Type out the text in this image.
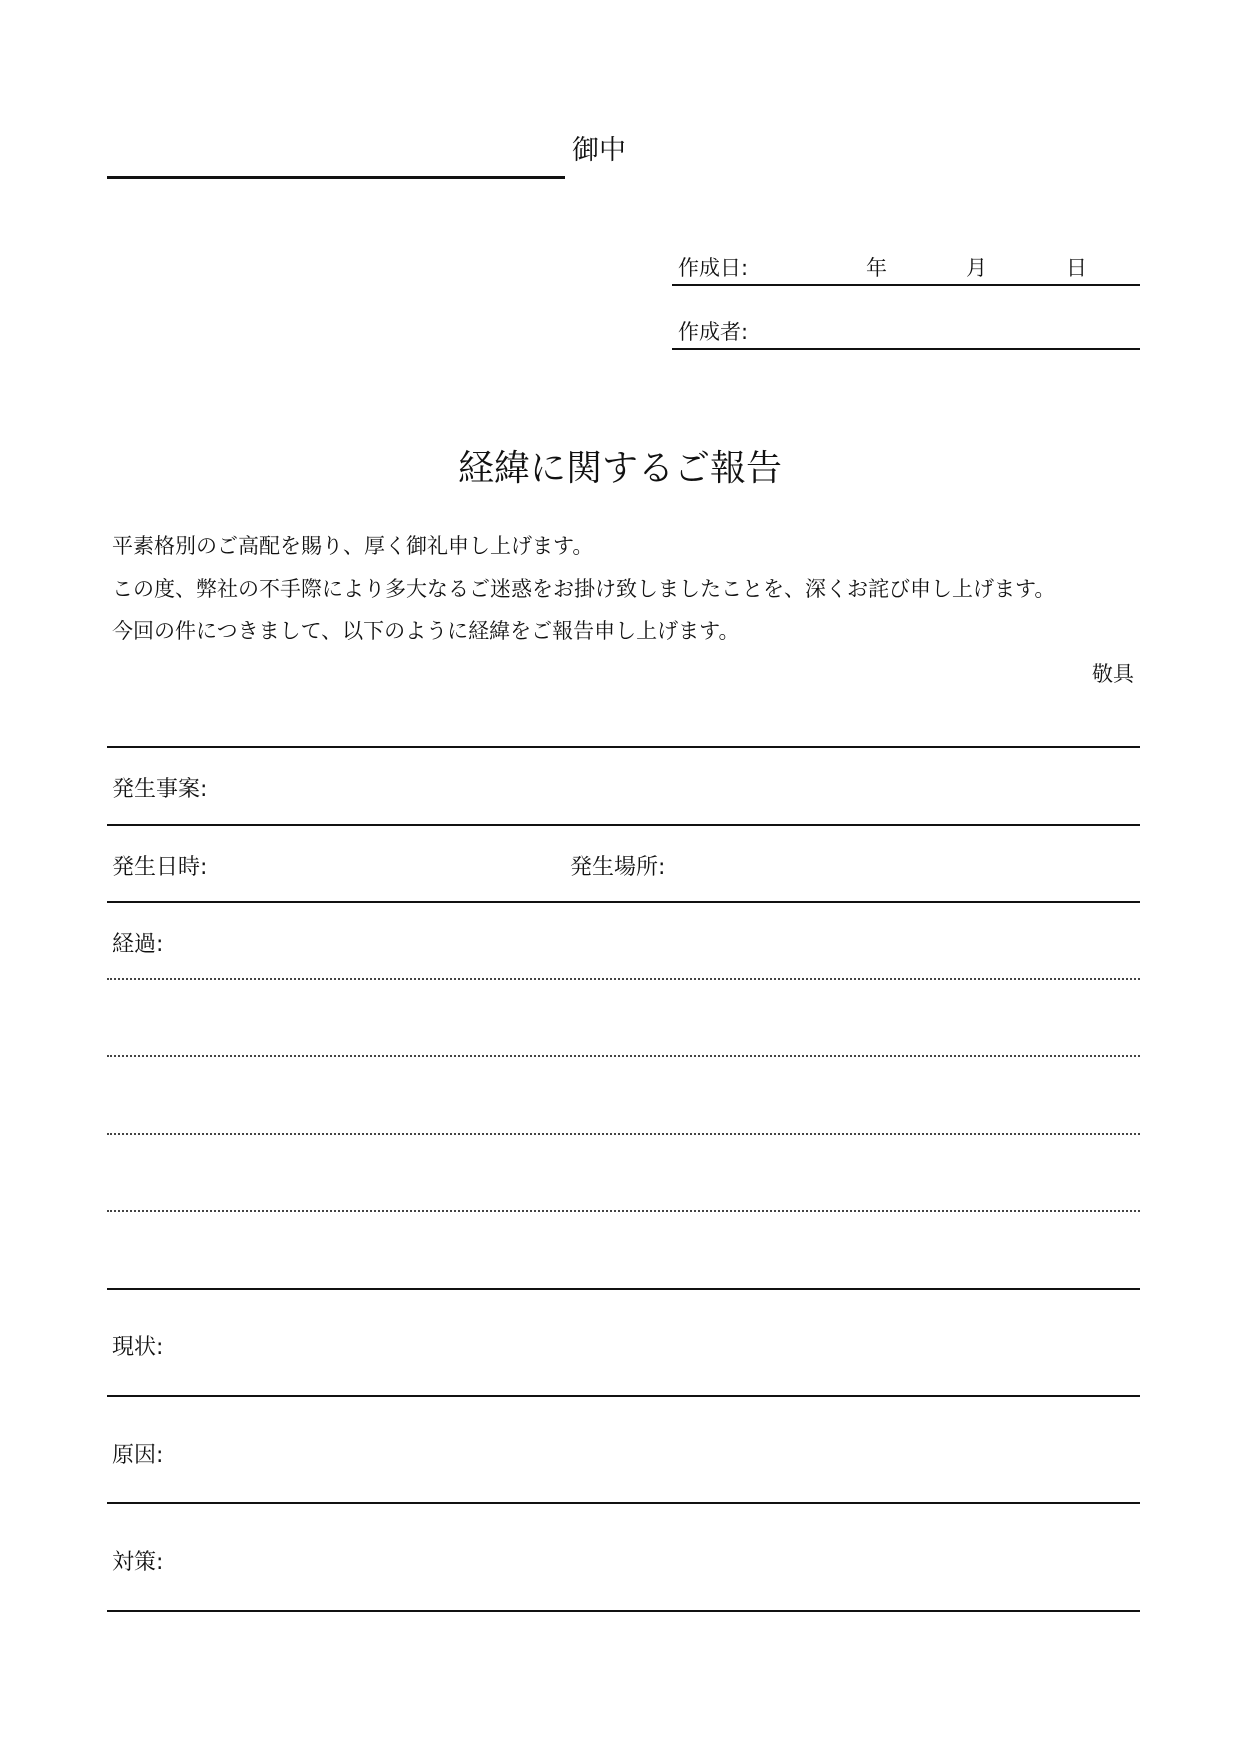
御中
作成日:	年	月	日
作成者:
経緯に関するご報告
平素格別のご高配を賜り、厚く御礼申し上げます。
この度、弊社の不手際により多大なるご迷惑をお掛け致しましたことを、深くお詫び申し上げます。
今回の件につきまして、以下のように経緯をご報告申し上げます。
敬具
発生事案:
発生日時:	発生場所:
経過:
現状:
原因:
対策:
